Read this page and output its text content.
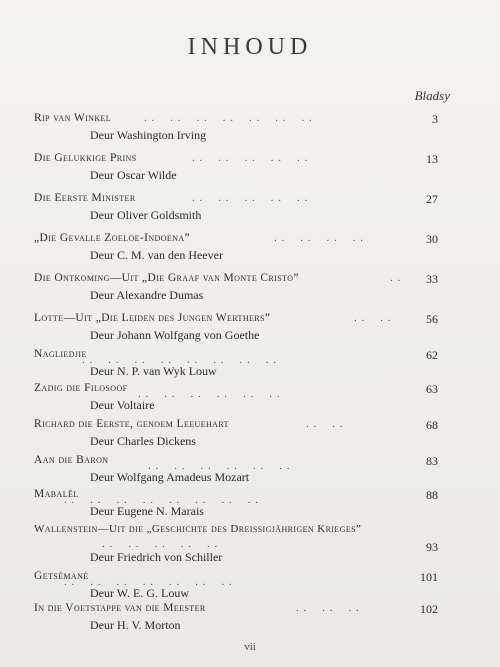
INHOUD
Bladsy
Rip van Winkel	. .    . .    . .    . .    . .    . .    . .	3
Deur Washington Irving
Die Gelukkige Prins	. .    . .    . .    . .    . .	13
Deur Oscar Wilde
Die Eerste Minister	. .    . .    . .    . .    . .	27
Deur Oliver Goldsmith
„Die Gevalle Zoeloe-Indoena”	. .    . .    . .    . .	30
Deur C. M. van den Heever
Die Ontkoming—Uit „Die Graaf van Monte Cristo”	. . 33
Deur Alexandre Dumas
Lotte—Uit „Die Leiden des Jungen Werthers”	. .    . .	56
Deur Johann Wolfgang von Goethe
Nagliedjie	62
Deur N. P. van Wyk Louw
. .    . .    . .    . .    . .    . .    . .    . .
Zadig die Filosoof	63
Deur Voltaire
. .    . .    . .    . .    . .    . .
Richard die Eerste, genoem Leeuehart	. .    . .	68
Deur Charles Dickens
Aan die Baron	83
Deur Wolfgang Amadeus Mozart
. .    . .    . .    . .    . .    . .
Mabalêl	88
Deur Eugene N. Marais
. .    . .    . .    . .    . .    . .    . .    . .
Wallenstein—Uit die „Geschichte des Dreissigjährigen Krieges”
Deur Friedrich von Schiller
. .    . .    . .    . .    . .	93
Getsémané	101
Deur W. E. G. Louw
. .    . .    . .    . .    . .    . .    . .
In die Voetstappe van die Meester	. .    . .    . .	102
Deur H. V. Morton
vii
